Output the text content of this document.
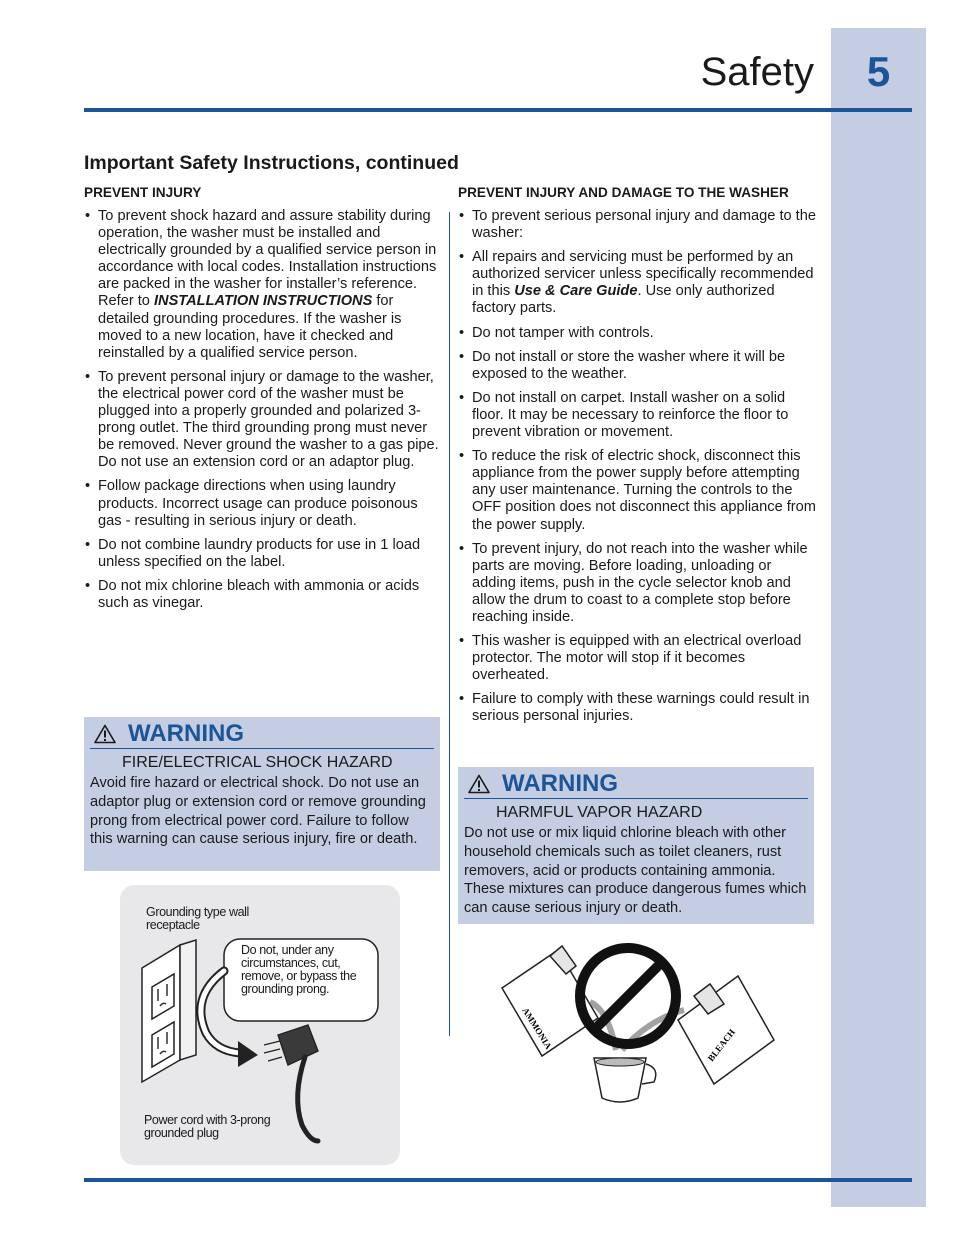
5
Safety
Important Safety Instructions, continued
PREVENT INJURY
• To prevent shock hazard and assure stability during operation, the washer must be installed and electrically grounded by a qualified service person in accordance with local codes. Installation instructions are packed in the washer for installer’s reference. Refer to INSTALLATION INSTRUCTIONS for detailed grounding procedures. If the washer is moved to a new location, have it checked and reinstalled by a qualified service person.
• To prevent personal injury or damage to the washer, the electrical power cord of the washer must be plugged into a properly grounded and polarized 3-prong outlet. The third grounding prong must never be removed. Never ground the washer to a gas pipe. Do not use an extension cord or an adaptor plug.
• Follow package directions when using laundry products. Incorrect usage can produce poisonous gas - resulting in serious injury or death.
• Do not combine laundry products for use in 1 load unless specified on the label.
• Do not mix chlorine bleach with ammonia or acids such as vinegar.
PREVENT INJURY AND DAMAGE TO THE WASHER
• To prevent serious personal injury and damage to the washer:
• All repairs and servicing must be performed by an authorized servicer unless specifically recommended in this Use & Care Guide. Use only authorized factory parts.
• Do not tamper with controls.
• Do not install or store the washer where it will be exposed to the weather.
• Do not install on carpet. Install washer on a solid floor. It may be necessary to reinforce the floor to prevent vibration or movement.
• To reduce the risk of electric shock, disconnect this appliance from the power supply before attempting any user maintenance. Turning the controls to the OFF position does not disconnect this appliance from the power supply.
• To prevent injury, do not reach into the washer while parts are moving. Before loading, unloading or adding items, push in the cycle selector knob and allow the drum to coast to a complete stop before reaching inside.
• This washer is equipped with an electrical overload protector. The motor will stop if it becomes overheated.
• Failure to comply with these warnings could result in serious personal injuries.
WARNING
FIRE/ELECTRICAL SHOCK HAZARD
Avoid fire hazard or electrical shock. Do not use an adaptor plug or extension cord or remove grounding prong from electrical power cord. Failure to follow this warning can cause serious injury, fire or death.
WARNING
HARMFUL VAPOR HAZARD
Do not use or mix liquid chlorine bleach with other household chemicals such as toilet cleaners, rust removers, acid or products containing ammonia. These mixtures can produce dangerous fumes which can cause serious injury or death.
Grounding type wall receptacle
Do not, under any circumstances, cut, remove, or bypass the grounding prong.
Power cord with 3-prong grounded plug
AMMONIA	BLEACH
